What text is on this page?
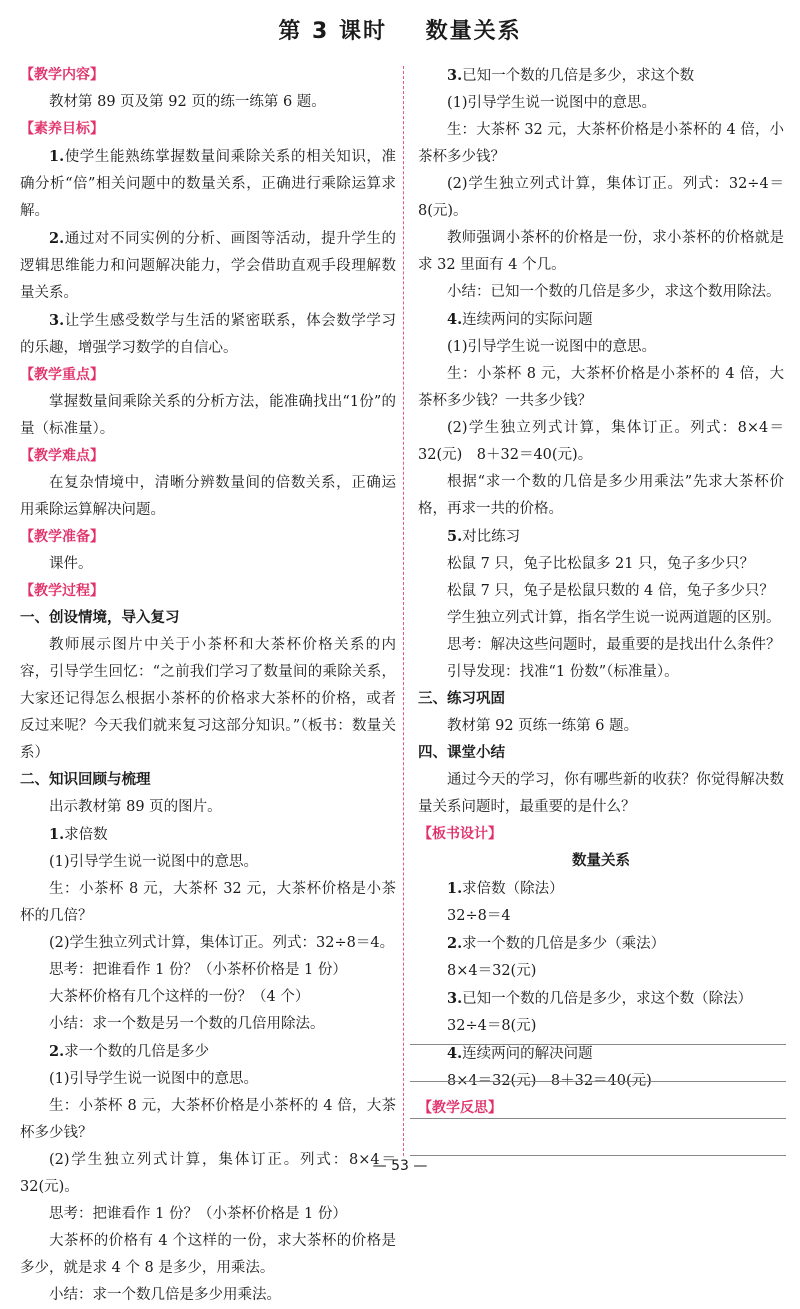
第 3 课时    数量关系
【教学内容】
教材第 89 页及第 92 页的练一练第 6 题。
【素养目标】
1.使学生能熟练掌握数量间乘除关系的相关知识，准确分析“倍”相关问题中的数量关系，正确进行乘除运算求解。
2.通过对不同实例的分析、画图等活动，提升学生的逻辑思维能力和问题解决能力，学会借助直观手段理解数量关系。
3.让学生感受数学与生活的紧密联系，体会数学学习的乐趣，增强学习数学的自信心。
【教学重点】
掌握数量间乘除关系的分析方法，能准确找出“1份”的量（标准量）。
【教学难点】
在复杂情境中，清晰分辨数量间的倍数关系，正确运用乘除运算解决问题。
【教学准备】
课件。
【教学过程】
一、创设情境，导入复习
教师展示图片中关于小茶杯和大茶杯价格关系的内容，引导学生回忆：“之前我们学习了数量间的乘除关系，大家还记得怎么根据小茶杯的价格求大茶杯的价格，或者反过来呢？今天我们就来复习这部分知识。”（板书：数量关系）
二、知识回顾与梳理
出示教材第 89 页的图片。
1.求倍数
(1)引导学生说一说图中的意思。
生：小茶杯 8 元，大茶杯 32 元，大茶杯价格是小茶杯的几倍？
(2)学生独立列式计算，集体订正。列式：32÷8＝4。
思考：把谁看作 1 份？（小茶杯价格是 1 份）
大茶杯价格有几个这样的一份？（4 个）
小结：求一个数是另一个数的几倍用除法。
2.求一个数的几倍是多少
(1)引导学生说一说图中的意思。
生：小茶杯 8 元，大茶杯价格是小茶杯的 4 倍，大茶杯多少钱？
(2)学生独立列式计算，集体订正。列式：8×4＝32(元)。
思考：把谁看作 1 份？（小茶杯价格是 1 份）
大茶杯的价格有 4 个这样的一份，求大茶杯的价格是多少，就是求 4 个 8 是多少，用乘法。
小结：求一个数几倍是多少用乘法。
3.已知一个数的几倍是多少，求这个数
(1)引导学生说一说图中的意思。
生：大茶杯 32 元，大茶杯价格是小茶杯的 4 倍，小茶杯多少钱？
(2)学生独立列式计算，集体订正。列式：32÷4＝8(元)。
教师强调小茶杯的价格是一份，求小茶杯的价格就是求 32 里面有 4 个几。
小结：已知一个数的几倍是多少，求这个数用除法。
4.连续两问的实际问题
(1)引导学生说一说图中的意思。
生：小茶杯 8 元，大茶杯价格是小茶杯的 4 倍，大茶杯多少钱？一共多少钱？
(2)学生独立列式计算，集体订正。列式：8×4＝32(元)　8＋32＝40(元)。
根据“求一个数的几倍是多少用乘法”先求大茶杯价格，再求一共的价格。
5.对比练习
松鼠 7 只，兔子比松鼠多 21 只，兔子多少只？
松鼠 7 只，兔子是松鼠只数的 4 倍，兔子多少只？
学生独立列式计算，指名学生说一说两道题的区别。
思考：解决这些问题时，最重要的是找出什么条件？
引导发现：找准“1 份数”（标准量）。
三、练习巩固
教材第 92 页练一练第 6 题。
四、课堂小结
通过今天的学习，你有哪些新的收获？你觉得解决数量关系问题时，最重要的是什么？
【板书设计】
数量关系
1.求倍数（除法）
32÷8＝4
2.求一个数的几倍是多少（乘法）
8×4＝32(元)
3.已知一个数的几倍是多少，求这个数（除法）
32÷4＝8(元)
4.连续两问的解决问题
8×4＝32(元)　8＋32＝40(元)
【教学反思】
— 53 —
